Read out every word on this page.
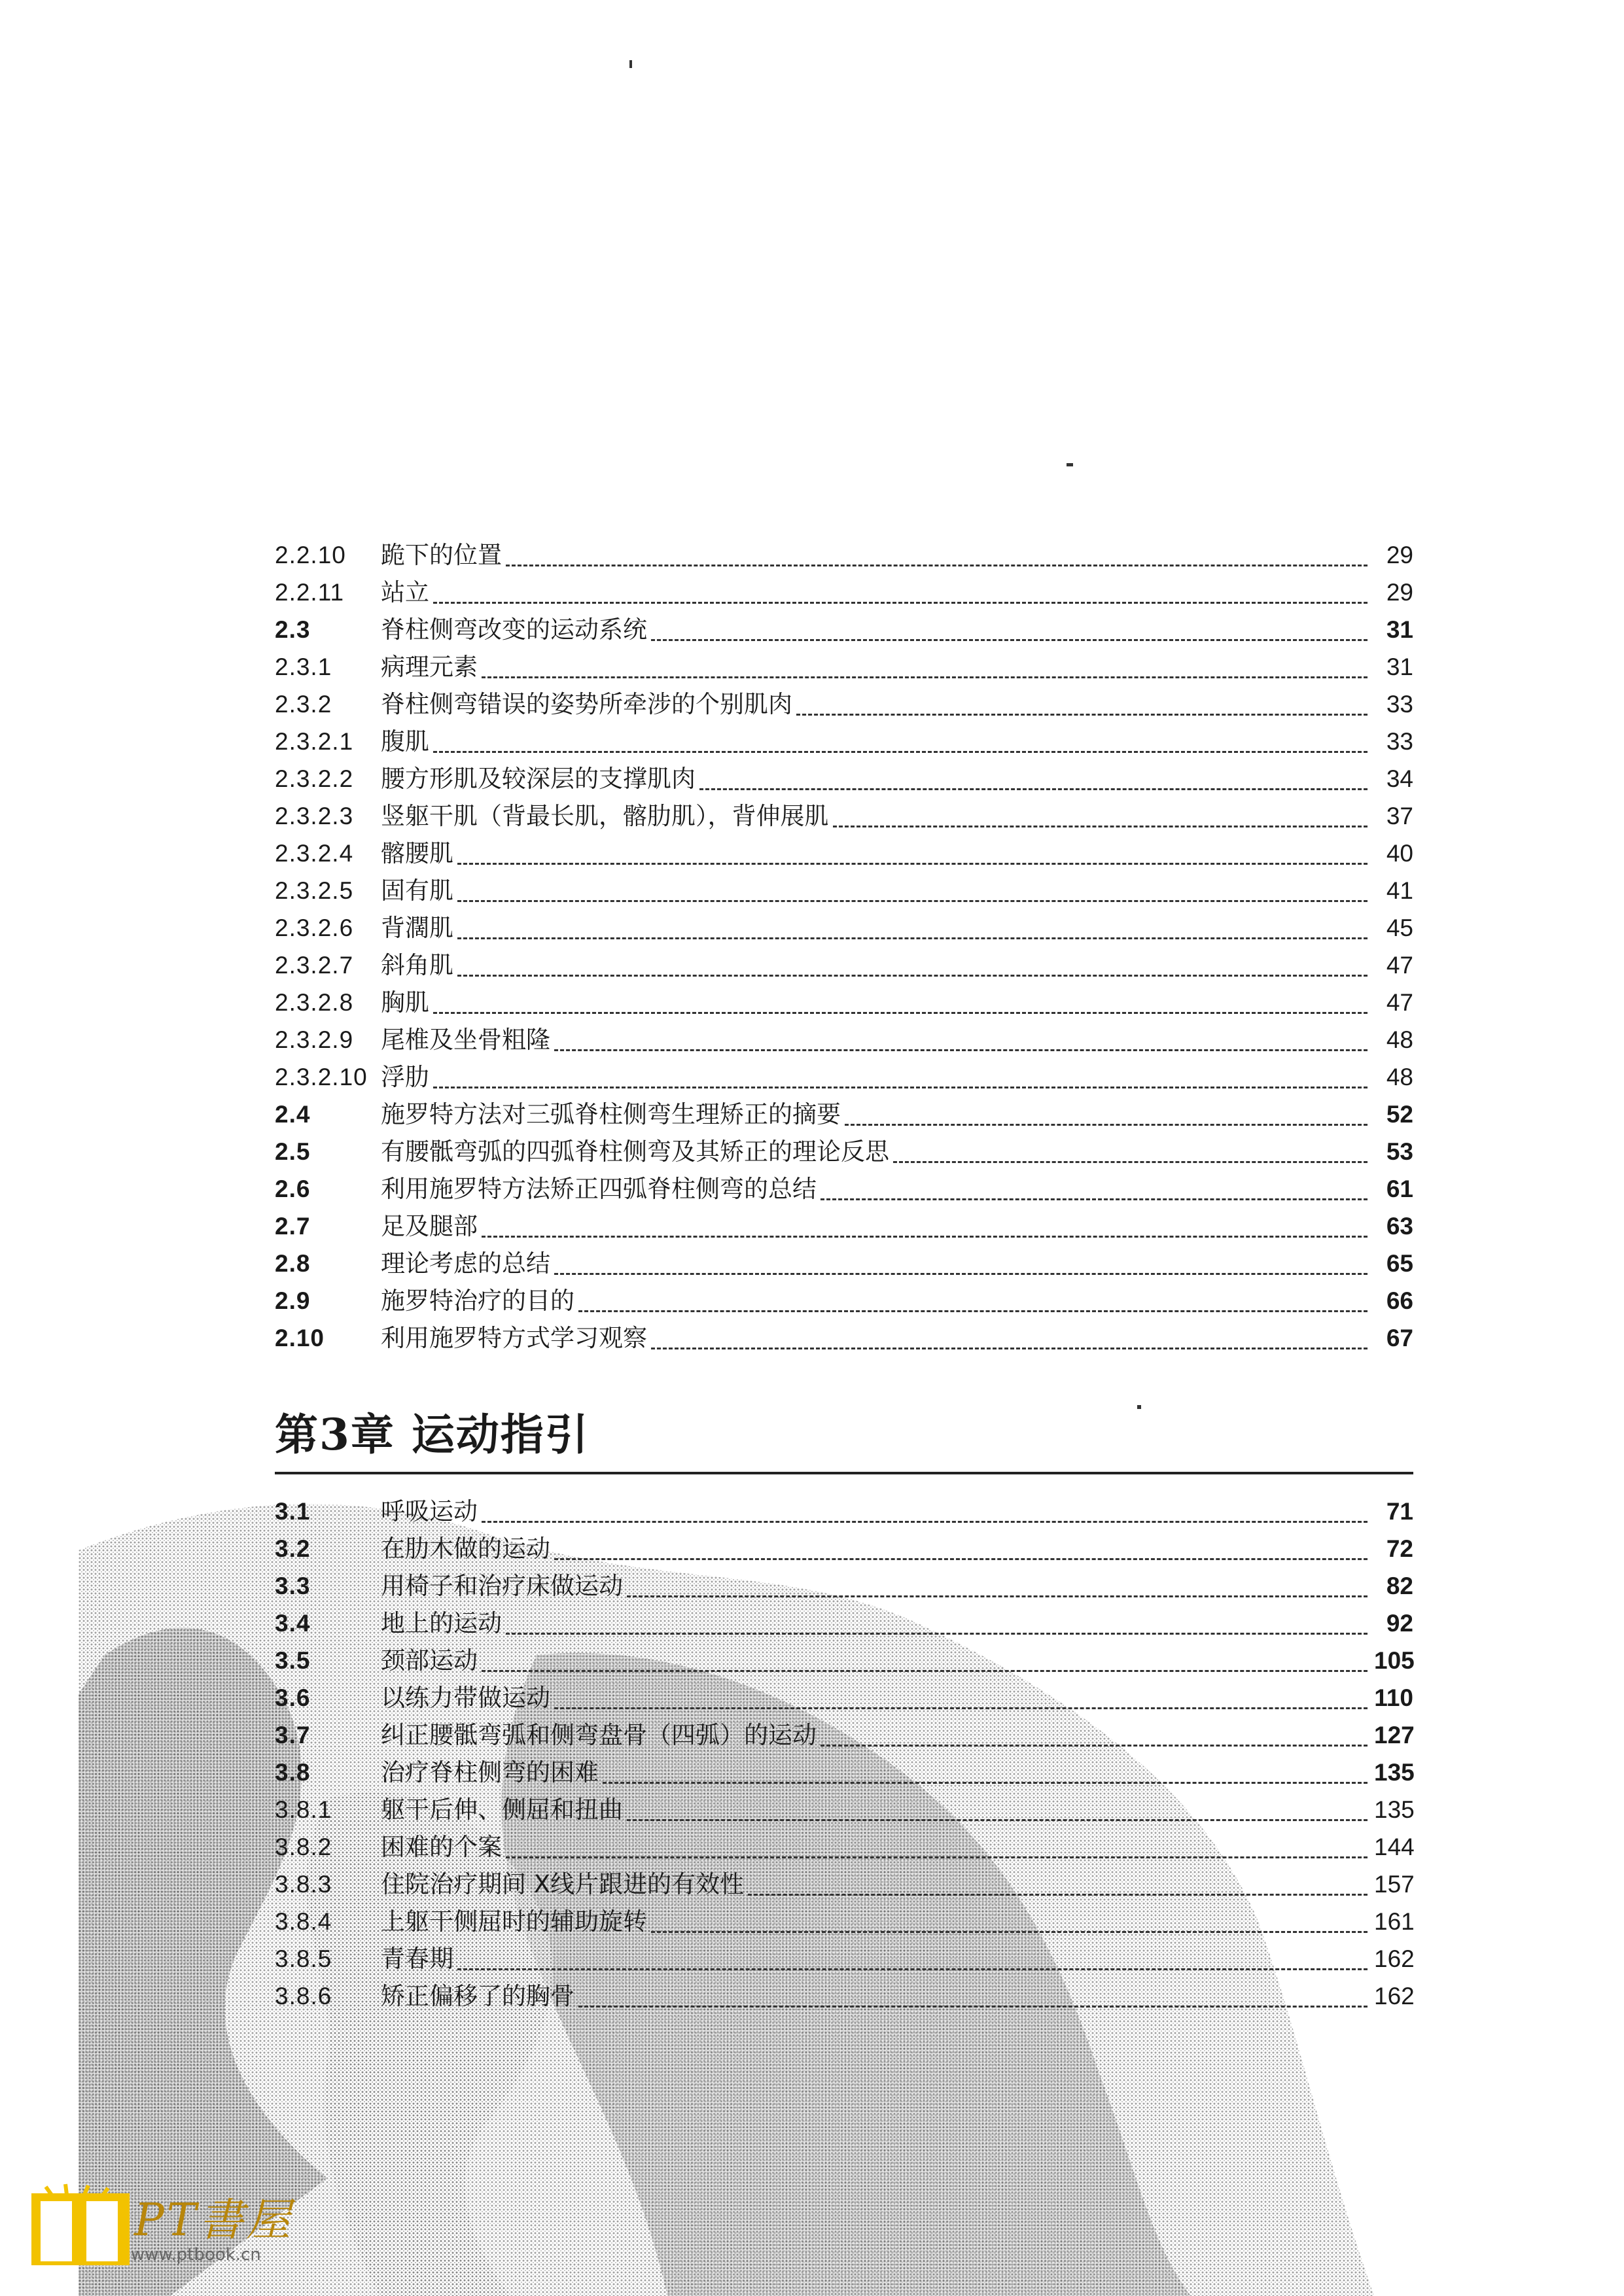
2.2.10	跪下的位置	29
2.2.11	站立	29
2.3	脊柱侧弯改变的运动系统	31
2.3.1	病理元素	31
2.3.2	脊柱侧弯错误的姿势所牵涉的个别肌肉	33
2.3.2.1	腹肌	33
2.3.2.2	腰方形肌及较深层的支撑肌肉	34
2.3.2.3	竖躯干肌（背最长肌，髂肋肌），背伸展肌	37
2.3.2.4	髂腰肌	40
2.3.2.5	固有肌	41
2.3.2.6	背濶肌	45
2.3.2.7	斜角肌	47
2.3.2.8	胸肌	47
2.3.2.9	尾椎及坐骨粗隆	48
2.3.2.10 浮肋	48
2.4	施罗特方法对三弧脊柱侧弯生理矫正的摘要	52
2.5	有腰骶弯弧的四弧脊柱侧弯及其矫正的理论反思	53
2.6	利用施罗特方法矫正四弧脊柱侧弯的总结	61
2.7	足及腿部	63
2.8	理论考虑的总结	65
2.9	施罗特治疗的目的	66
2.10	利用施罗特方式学习观察	67
第3章 运动指引
3.1	呼吸运动	71
3.2	在肋木做的运动	72
3.3	用椅子和治疗床做运动	82
3.4	地上的运动	92
3.5	颈部运动	105
3.6	以练力带做运动	110
3.7	纠正腰骶弯弧和侧弯盘骨（四弧）的运动	127
3.8	治疗脊柱侧弯的困难	135
3.8.1	躯干后伸、侧屈和扭曲	135
3.8.2	困难的个案	144
3.8.3	住院治疗期间 X线片跟进的有效性	157
3.8.4	上躯干侧屈时的辅助旋转	161
3.8.5	青春期	162
3.8.6	矫正偏移了的胸骨	162
PT書屋
www.ptbook.cn
